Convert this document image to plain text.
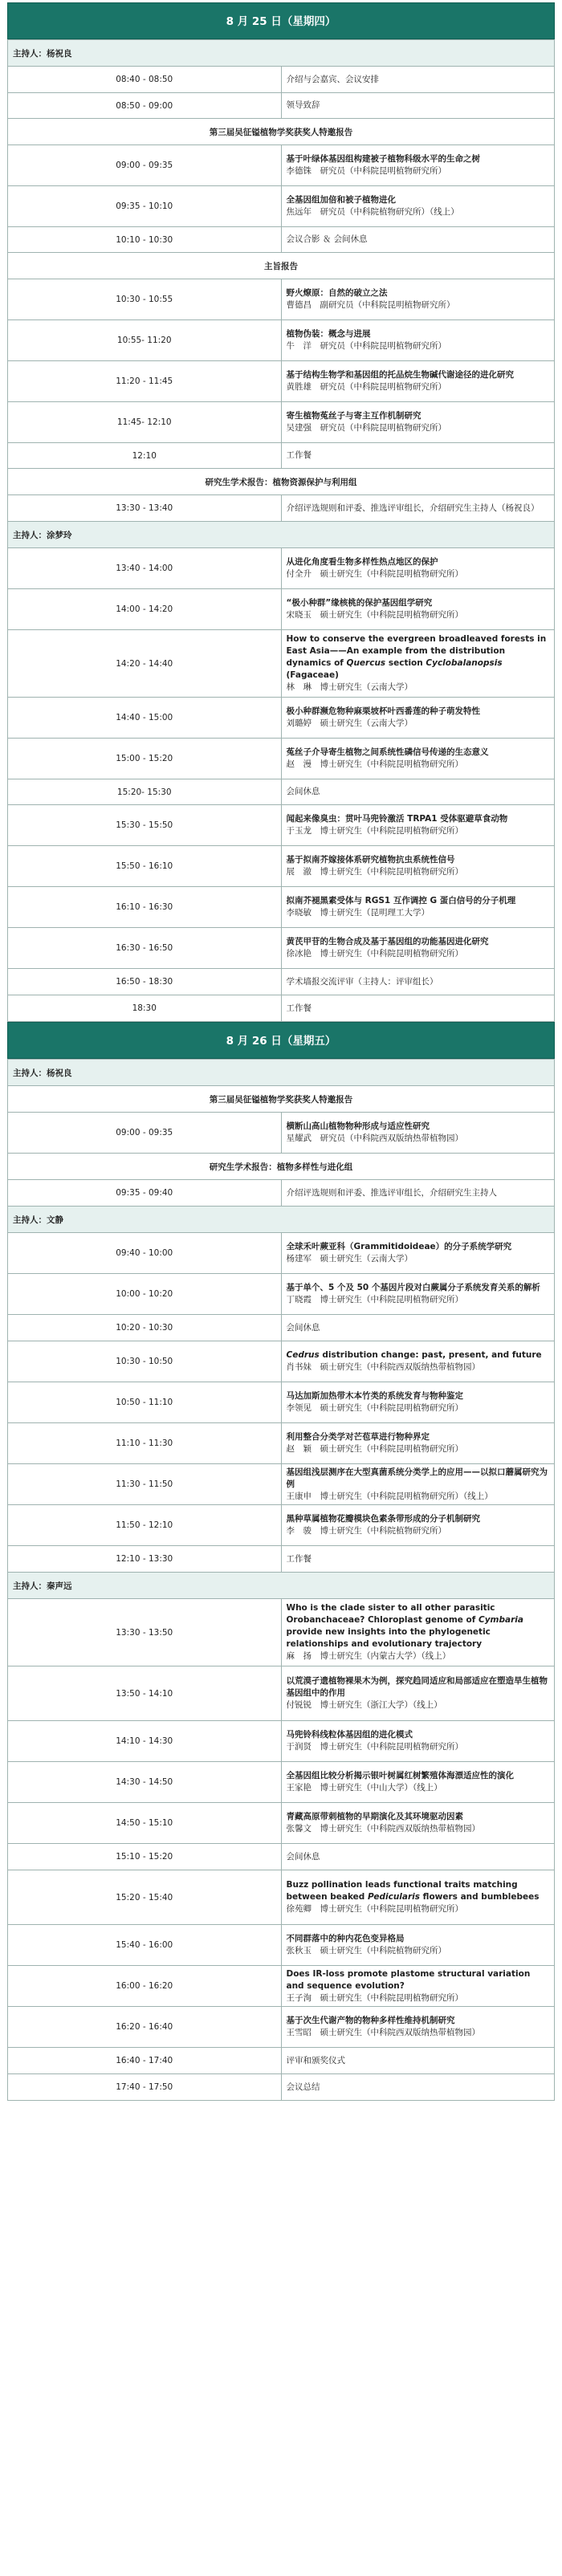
8 月 25 日（星期四）
主持人：杨祝良	
08:40 - 08:50	介绍与会嘉宾、会议安排

08:50 - 09:00	领导致辞

第三届吴征镒植物学奖获奖人特邀报告	
09:00 - 09:35	基于叶绿体基因组构建被子植物科级水平的生命之树
李德铢　研究员（中科院昆明植物研究所）

09:35 - 10:10	全基因组加倍和被子植物进化
焦远年　研究员（中科院植物研究所）（线上）

10:10 - 10:30	会议合影 ＆ 会间休息

主旨报告	
10:30 - 10:55	野火燎原：自然的破立之法
曹德昌　副研究员（中科院昆明植物研究所）

10:55- 11:20	植物伪装：概念与进展
牛　洋　研究员（中科院昆明植物研究所）

11:20 - 11:45	基于结构生物学和基因组的托品烷生物碱代谢途径的进化研究
黄胜雄　研究员（中科院昆明植物研究所）

11:45- 12:10	寄生植物菟丝子与寄主互作机制研究
吴建强　研究员（中科院昆明植物研究所）

12:10	工作餐

研究生学术报告：植物资源保护与利用组	
13:30 - 13:40	介绍评选规则和评委、推选评审组长，介绍研究生主持人（杨祝良）

主持人：涂梦玲	
13:40 - 14:00	从进化角度看生物多样性热点地区的保护
付全升　硕士研究生（中科院昆明植物研究所）

14:00 - 14:20	“极小种群”缘核桃的保护基因组学研究
宋晓玉　硕士研究生（中科院昆明植物研究所）

14:20 - 14:40	How to conserve the evergreen broadleaved forests in East Asia——An example from the distribution dynamics of Quercus section Cyclobalanopsis (Fagaceae)
林　琳　博士研究生（云南大学）

14:40 - 15:00	极小种群濒危物种麻栗坡杯叶西番莲的种子萌发特性
刘璐婷　硕士研究生（云南大学）

15:00 - 15:20	菟丝子介导寄生植物之间系统性磷信号传递的生态意义
赵　漫　博士研究生（中科院昆明植物研究所）

15:20- 15:30	会间休息

15:30 - 15:50	闻起来像臭虫：贯叶马兜铃激活 TRPA1 受体驱避草食动物
于玉龙　博士研究生（中科院昆明植物研究所）

15:50 - 16:10	基于拟南芥嫁接体系研究植物抗虫系统性信号
展　澈　博士研究生（中科院昆明植物研究所）

16:10 - 16:30	拟南芥褪黑素受体与 RGS1 互作调控 G 蛋白信号的分子机理
李晓敏　博士研究生（昆明理工大学）

16:30 - 16:50	黄芪甲苷的生物合成及基于基因组的功能基因进化研究
徐冰艳　博士研究生（中科院昆明植物研究所）

16:50 - 18:30	学术墙报交流评审（主持人：评审组长）

18:30	工作餐
8 月 26 日（星期五）
主持人：杨祝良	
第三届吴征镒植物学奖获奖人特邀报告	
09:00 - 09:35	横断山高山植物物种形成与适应性研究
星耀武　研究员（中科院西双版纳热带植物园）

研究生学术报告：植物多样性与进化组	
09:35 - 09:40	介绍评选规则和评委、推选评审组长，介绍研究生主持人

主持人：文静	
09:40 - 10:00	全球禾叶蕨亚科（Grammitidoideae）的分子系统学研究
杨建军　硕士研究生（云南大学）

10:00 - 10:20	基于单个、5 个及 50 个基因片段对白蕨属分子系统发育关系的解析
丁晓霞　博士研究生（中科院昆明植物研究所）

10:20 - 10:30	会间休息

10:30 - 10:50	Cedrus distribution change: past, present, and future
肖书妹　硕士研究生（中科院西双版纳热带植物园）

10:50 - 11:10	马达加斯加热带木本竹类的系统发育与物种鉴定
李领见　硕士研究生（中科院昆明植物研究所）

11:10 - 11:30	利用整合分类学对芒苞草进行物种界定
赵　颖　硕士研究生（中科院昆明植物研究所）

11:30 - 11:50	基因组浅层测序在大型真菌系统分类学上的应用——以拟口蘑属研究为例
王康申　博士研究生（中科院昆明植物研究所）（线上）

11:50 - 12:10	黑种草属植物花瓣模块色素条带形成的分子机制研究
李　骏　博士研究生（中科院植物研究所）

12:10 - 13:30	工作餐

主持人：秦声远	
13:30 - 13:50	Who is the clade sister to all other parasitic Orobanchaceae? Chloroplast genome of Cymbaria provide new insights into the phylogenetic relationships and evolutionary trajectory
麻　扬　博士研究生（内蒙古大学）（线上）

13:50 - 14:10	以荒漠孑遗植物裸果木为例，探究趋同适应和局部适应在塑造旱生植物基因组中的作用
付锐锐　博士研究生（浙江大学）（线上）

14:10 - 14:30	马兜铃科线粒体基因组的进化模式
于润贤　博士研究生（中科院昆明植物研究所）

14:30 - 14:50	全基因组比较分析揭示银叶树属红树繁殖体海漂适应性的演化
王家艳　博士研究生（中山大学）（线上）

14:50 - 15:10	青藏高原带刺植物的早期演化及其环境驱动因素
张馨文　博士研究生（中科院西双版纳热带植物园）

15:10 - 15:20	会间休息

15:20 - 15:40	Buzz pollination leads functional traits matching between beaked Pedicularis flowers and bumblebees
徐苑卿　博士研究生（中科院昆明植物研究所）

15:40 - 16:00	不同群落中的种内花色变异格局
张秋玉　硕士研究生（中科院植物研究所）

16:00 - 16:20	Does IR-loss promote plastome structural variation and sequence evolution?
王子洵　硕士研究生（中科院昆明植物研究所）

16:20 - 16:40	基于次生代谢产物的物种多样性维持机制研究
王雪昭　硕士研究生（中科院西双版纳热带植物园）

16:40 - 17:40	评审和颁奖仪式

17:40 - 17:50	会议总结
